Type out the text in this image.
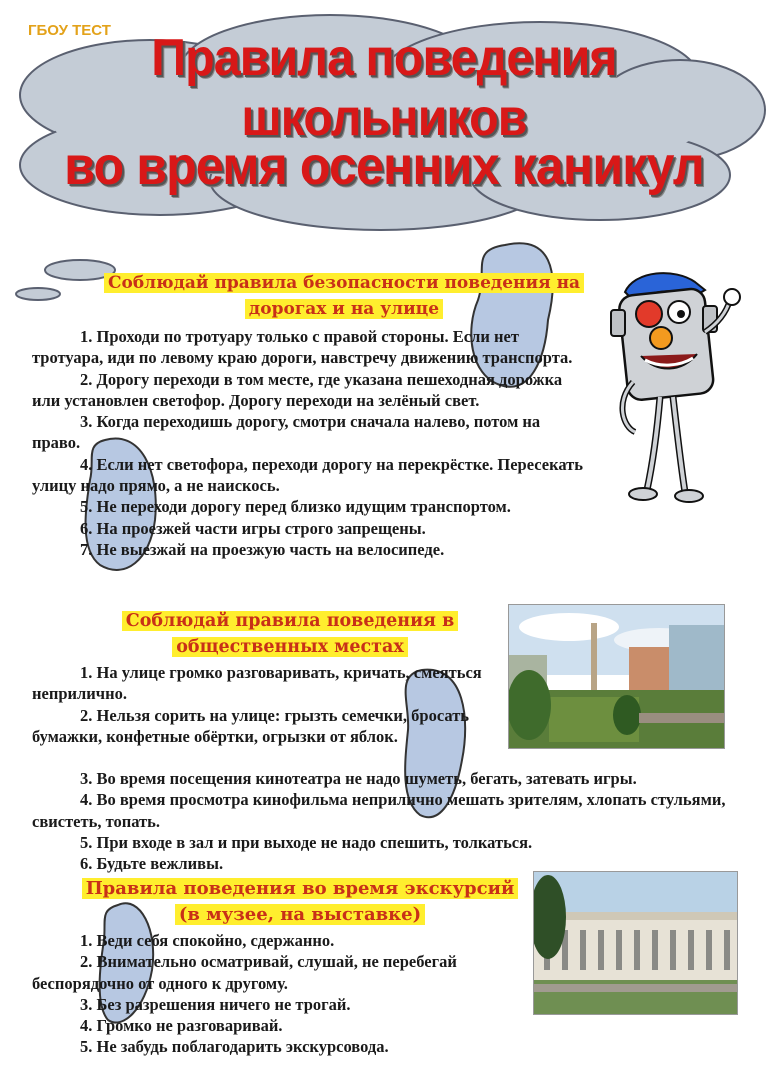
ГБОУ ТЕСТ Правила поведения школьников
во время осенних каникул
Соблюдай правила безопасности поведения на
дорогах и на улице

1. Проходи по тротуару только с правой стороны. Если нет тротуара, иди по левому краю дороги, навстречу движению транспорта.

2. Дорогу переходи в том месте, где указана пешеходная дорожка или установлен светофор. Дорогу переходи на зелёный свет.

3. Когда переходишь дорогу, смотри сначала налево, потом на право.

4. Если нет светофора, переходи дорогу на перекрёстке. Пересекать улицу надо прямо, а не наискось.

5. Не переходи дорогу перед близко идущим транспортом.

6. На проезжей части игры строго запрещены.

7. Не выезжай на проезжую часть на велосипеде.

Соблюдай правила поведения в
общественных местах

1. На улице громко разговаривать, кричать, смеяться неприлично.

2. Нельзя сорить на улице: грызть семечки, бросать бумажки, конфетные обёртки, огрызки от яблок.

3. Во время посещения кинотеатра не надо шуметь, бегать, затевать игры.

4. Во время просмотра кинофильма неприлично мешать зрителям, хлопать стульями, свистеть, топать.

5. При входе в зал и при выходе не надо спешить, толкаться.

6. Будьте вежливы.

Правила поведения во время экскурсий
(в музее, на выставке)

1. Веди себя спокойно, сдержанно.

2. Внимательно осматривай, слушай, не перебегай беспорядочно от одного к другому.

3. Без разрешения ничего не трогай.

4. Громко не разговаривай.

5. Не забудь поблагодарить экскурсовода.
